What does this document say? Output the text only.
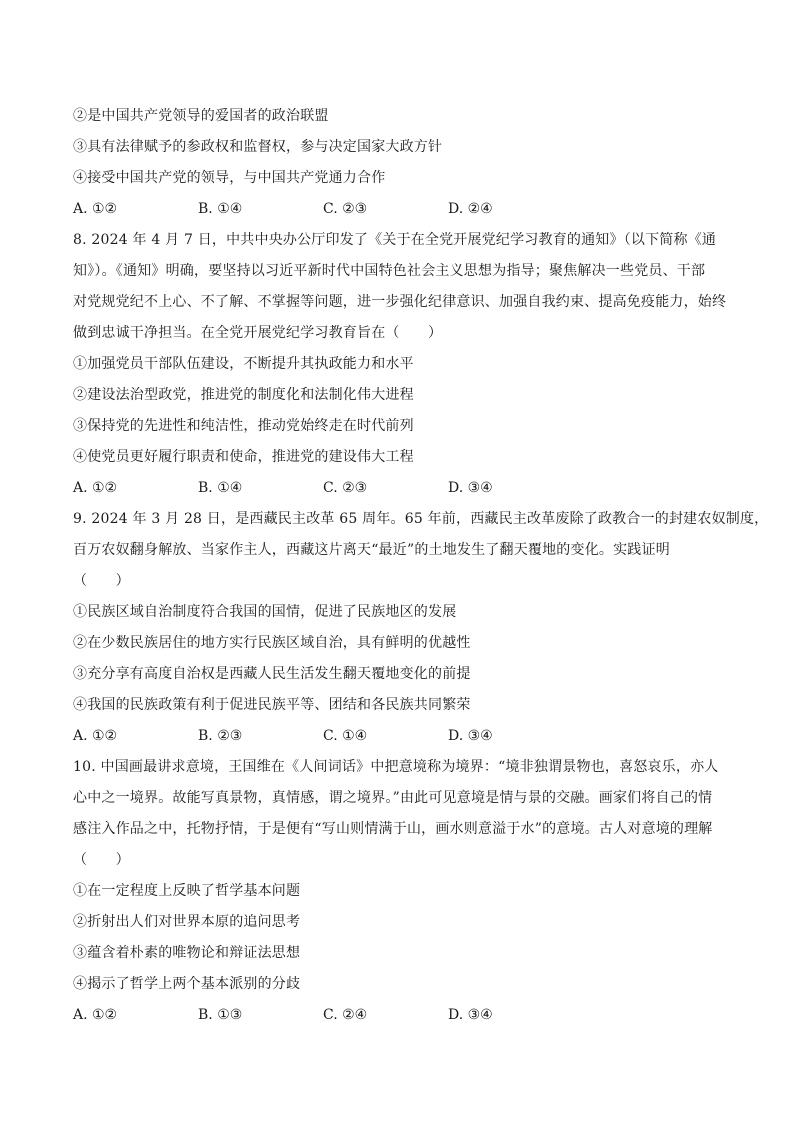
②是中国共产党领导的爱国者的政治联盟
③具有法律赋予的参政权和监督权，参与决定国家大政方针
④接受中国共产党的领导，与中国共产党通力合作
A. ①②	B. ①④	C. ②③	D. ②④
8. 2024 年 4 月 7 日，中共中央办公厅印发了《关于在全党开展党纪学习教育的通知》（以下简称《通
知》）。《通知》明确，要坚持以习近平新时代中国特色社会主义思想为指导；聚焦解决一些党员、干部
对党规党纪不上心、不了解、不掌握等问题，进一步强化纪律意识、加强自我约束、提高免疫能力，始终
做到忠诚干净担当。在全党开展党纪学习教育旨在（　　）
①加强党员干部队伍建设，不断提升其执政能力和水平
②建设法治型政党，推进党的制度化和法制化伟大进程
③保持党的先进性和纯洁性，推动党始终走在时代前列
④使党员更好履行职责和使命，推进党的建设伟大工程
A. ①②	B. ①④	C. ②③	D. ③④
9. 2024 年 3 月 28 日，是西藏民主改革 65 周年。65 年前，西藏民主改革废除了政教合一的封建农奴制度，
百万农奴翻身解放、当家作主人，西藏这片离天“最近”的土地发生了翻天覆地的变化。实践证明
（　　）
①民族区域自治制度符合我国的国情，促进了民族地区的发展
②在少数民族居住的地方实行民族区域自治，具有鲜明的优越性
③充分享有高度自治权是西藏人民生活发生翻天覆地变化的前提
④我国的民族政策有利于促进民族平等、团结和各民族共同繁荣
A. ①②	B. ②③	C. ①④	D. ③④
10. 中国画最讲求意境，王国维在《人间词话》中把意境称为境界：“境非独谓景物也，喜怒哀乐，亦人
心中之一境界。故能写真景物，真情感，谓之境界。”由此可见意境是情与景的交融。画家们将自己的情
感注入作品之中，托物抒情，于是便有“写山则情满于山，画水则意溢于水”的意境。古人对意境的理解
（　　）
①在一定程度上反映了哲学基本问题
②折射出人们对世界本原的追问思考
③蕴含着朴素的唯物论和辩证法思想
④揭示了哲学上两个基本派别的分歧
A. ①②	B. ①③	C. ②④	D. ③④
